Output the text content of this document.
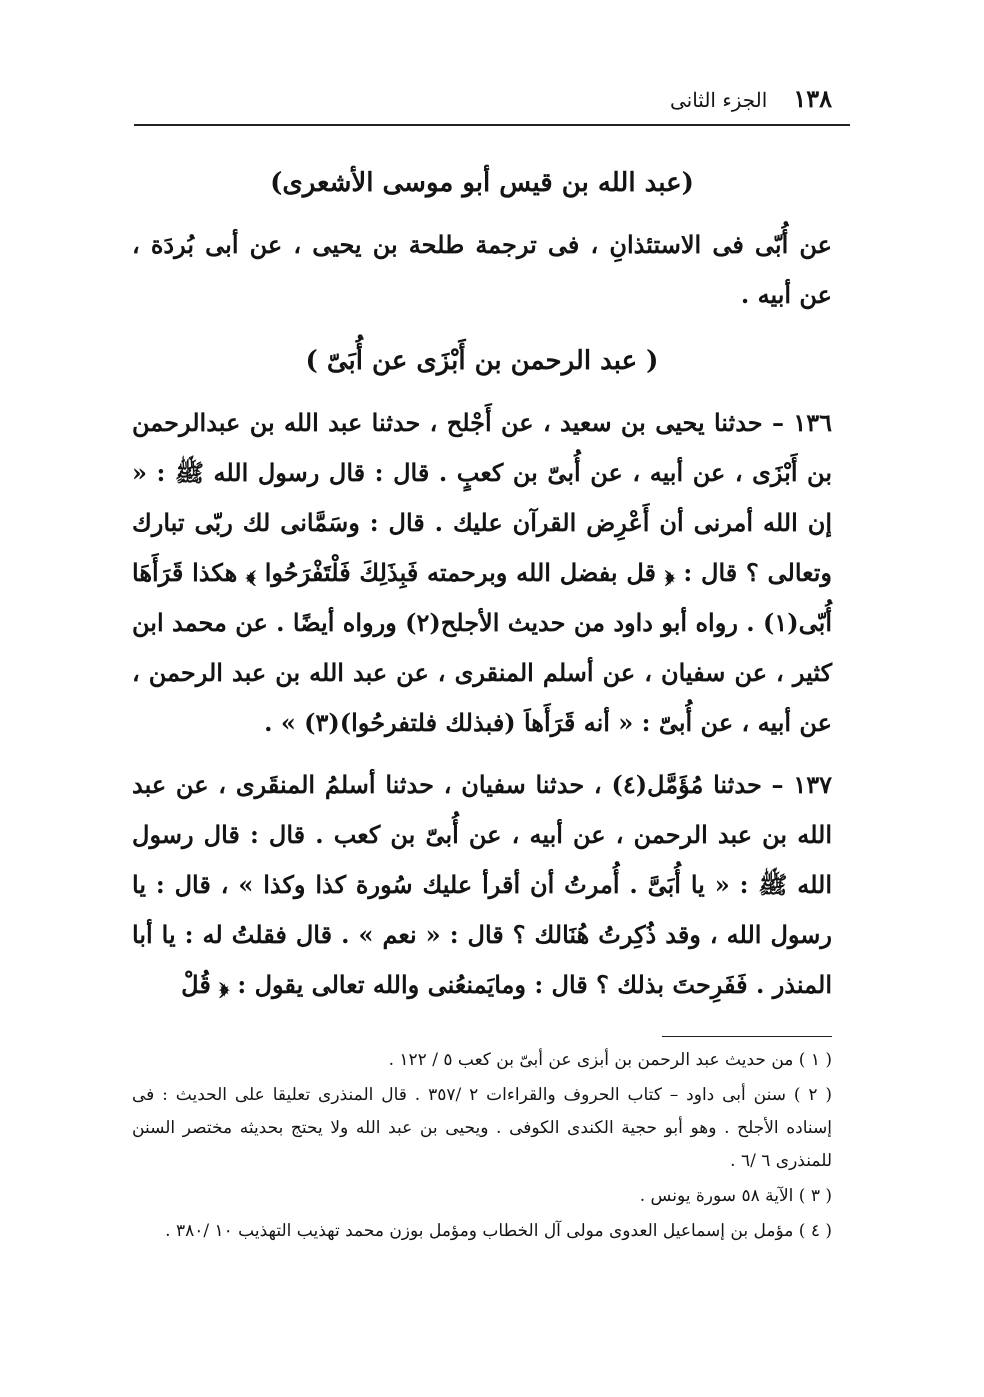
١٣٨
الجزء الثانى
(عبد الله بن قيس أبو موسى الأشعرى)

عن أُبّى فى الاستئذانِ ، فى ترجمة طلحة بن يحيى ، عن أبى بُردَة ، عن أبيه .

( عبد الرحمن بن أَبْزَى عن أُبَىّ )

١٣٦ – حدثنا يحيى بن سعيد ، عن أَجْلح ، حدثنا عبد الله بن عبدالرحمن بن أَبْزَى ، عن أبيه ، عن أُبىّ بن كعبٍ . قال : قال رسول الله ﷺ : « إن الله أمرنى أن أَعْرِض القرآن عليك . قال : وسَمَّانى لك ربّى تبارك وتعالى ؟ قال : ﴿ قل بفضل الله وبرحمته فَبِذَلِكَ فَلْتَفْرَحُوا ﴾ هكذا قَرَأَهَا أُبّى(١) . رواه أبو داود من حديث الأجلح(٢) ورواه أيضًا . عن محمد ابن كثير ، عن سفيان ، عن أسلم المنقرى ، عن عبد الله بن عبد الرحمن ، عن أبيه ، عن أُبىّ : « أنه قَرَأَهاَ (فبذلك فلتفرحُوا)(٣) » .

١٣٧ – حدثنا مُؤَمَّل(٤) ، حدثنا سفيان ، حدثنا أسلمُ المنقَرى ، عن عبد الله بن عبد الرحمن ، عن أبيه ، عن أُبىّ بن كعب . قال : قال رسول الله ﷺ : « يا أُبَىَّ . أُمرتُ أن أقرأ عليك سُورة كذا وكذا » ، قال : يا رسول الله ، وقد ذُكِرتُ هُنَالك ؟ قال : « نعم » . قال فقلتُ له : يا أبا المنذر . فَفَرِحتَ بذلك ؟ قال : ومايَمنعُنى والله تعالى يقول : ﴿ قُلْ

( ١ ) من حديث عبد الرحمن بن أبزى عن أبىّ بن كعب ٥ / ١٢٢ .

( ٢ ) سنن أبى داود – كتاب الحروف والقراءات ٢ /٣٥٧ . قال المنذرى تعليقا على الحديث : فى إسناده الأجلح . وهو أبو حجية الكندى الكوفى . ويحيى بن عبد الله ولا يحتج بحديثه مختصر السنن للمنذرى ٦ /٦ .

( ٣ ) الآية ٥٨ سورة يونس .

( ٤ ) مؤمل بن إسماعيل العدوى مولى آل الخطاب ومؤمل بوزن محمد تهذيب التهذيب ١٠ /٣٨٠ .
